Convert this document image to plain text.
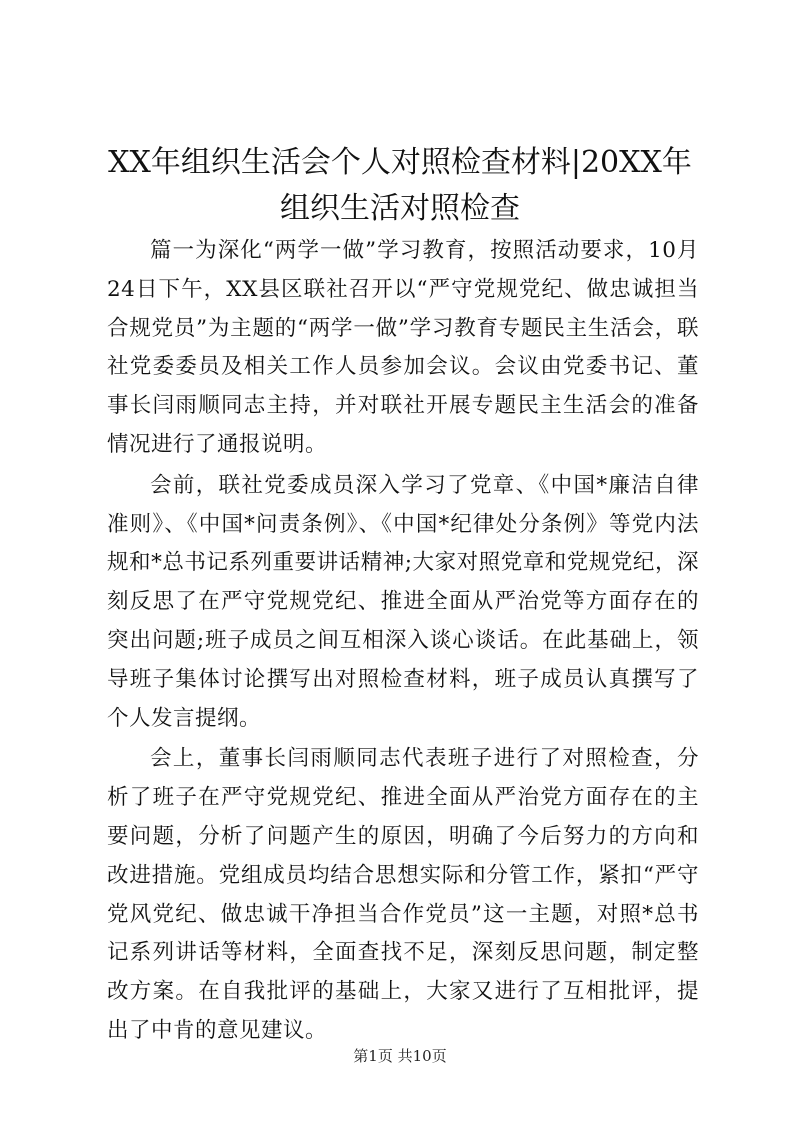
XX年组织生活会个人对照检查材料|20XX年组织生活对照检查

篇一为深化“两学一做”学习教育，按照活动要求，10月24日下午，XX县区联社召开以“严守党规党纪、做忠诚担当合规党员”为主题的“两学一做”学习教育专题民主生活会，联社党委委员及相关工作人员参加会议。会议由党委书记、董事长闫雨顺同志主持，并对联社开展专题民主生活会的准备情况进行了通报说明。

会前，联社党委成员深入学习了党章、《中国*廉洁自律准则》、《中国*问责条例》、《中国*纪律处分条例》等党内法规和*总书记系列重要讲话精神;大家对照党章和党规党纪，深刻反思了在严守党规党纪、推进全面从严治党等方面存在的突出问题;班子成员之间互相深入谈心谈话。在此基础上，领导班子集体讨论撰写出对照检查材料，班子成员认真撰写了个人发言提纲。

会上，董事长闫雨顺同志代表班子进行了对照检查，分析了班子在严守党规党纪、推进全面从严治党方面存在的主要问题，分析了问题产生的原因，明确了今后努力的方向和改进措施。党组成员均结合思想实际和分管工作，紧扣“严守党风党纪、做忠诚干净担当合作党员”这一主题，对照*总书记系列讲话等材料，全面查找不足，深刻反思问题，制定整改方案。在自我批评的基础上，大家又进行了互相批评，提出了中肯的意见建议。

第1页 共10页
